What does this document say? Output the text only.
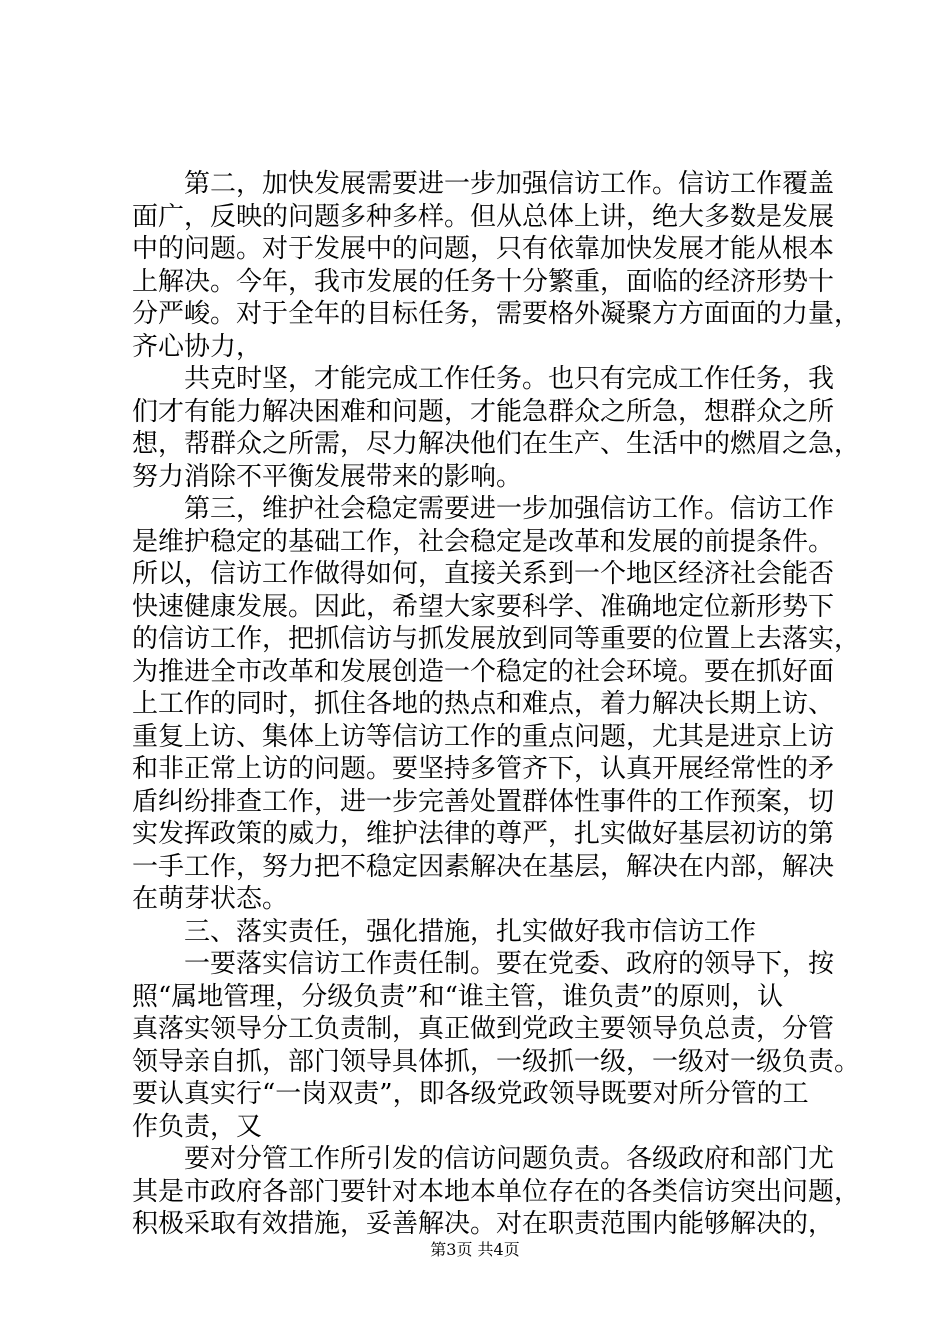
第二，加快发展需要进一步加强信访工作。信访工作覆盖
面广，反映的问题多种多样。但从总体上讲，绝大多数是发展
中的问题。对于发展中的问题，只有依靠加快发展才能从根本
上解决。今年，我市发展的任务十分繁重，面临的经济形势十
分严峻。对于全年的目标任务，需要格外凝聚方方面面的力量，
齐心协力，
共克时坚，才能完成工作任务。也只有完成工作任务，我
们才有能力解决困难和问题，才能急群众之所急，想群众之所
想，帮群众之所需，尽力解决他们在生产、生活中的燃眉之急，
努力消除不平衡发展带来的影响。
第三，维护社会稳定需要进一步加强信访工作。信访工作
是维护稳定的基础工作，社会稳定是改革和发展的前提条件。
所以，信访工作做得如何，直接关系到一个地区经济社会能否
快速健康发展。因此，希望大家要科学、准确地定位新形势下
的信访工作，把抓信访与抓发展放到同等重要的位置上去落实，
为推进全市改革和发展创造一个稳定的社会环境。要在抓好面
上工作的同时，抓住各地的热点和难点，着力解决长期上访、
重复上访、集体上访等信访工作的重点问题，尤其是进京上访
和非正常上访的问题。要坚持多管齐下，认真开展经常性的矛
盾纠纷排查工作，进一步完善处置群体性事件的工作预案，切
实发挥政策的威力，维护法律的尊严，扎实做好基层初访的第
一手工作，努力把不稳定因素解决在基层，解决在内部，解决
在萌芽状态。
三、落实责任，强化措施，扎实做好我市信访工作
一要落实信访工作责任制。要在党委、政府的领导下，按
照“属地管理，分级负责”和“谁主管，谁负责”的原则，认
真落实领导分工负责制，真正做到党政主要领导负总责，分管
领导亲自抓，部门领导具体抓，一级抓一级，一级对一级负责。
要认真实行“一岗双责”，即各级党政领导既要对所分管的工
作负责，又
要对分管工作所引发的信访问题负责。各级政府和部门尤
其是市政府各部门要针对本地本单位存在的各类信访突出问题，
积极采取有效措施，妥善解决。对在职责范围内能够解决的，
第3页 共4页
